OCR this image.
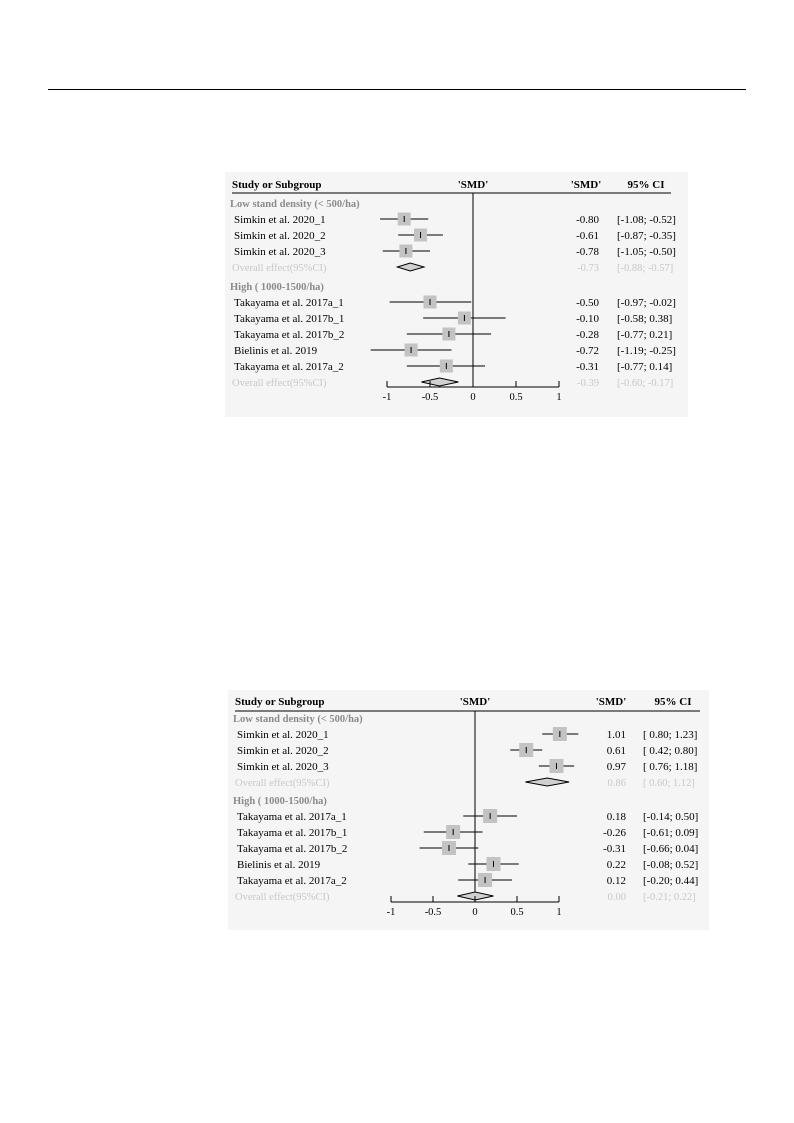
Study or Subgroup	'SMD'	'SMD' 95% CI
Low stand density (< 500/ha)
Simkin et al. 2020_1	-0.80 [-1.08; -0.52]
Simkin et al. 2020_2	-0.61 [-0.87; -0.35]
Simkin et al. 2020_3	-0.78 [-1.05; -0.50]
Overall effect(95%CI)	-0.73 [-0.88; -0.57]
High ( 1000-1500/ha)
Takayama et al. 2017a_1	-0.50 [-0.97; -0.02]
Takayama et al. 2017b_1	-0.10 [-0.58; 0.38]
Takayama et al. 2017b_2	-0.28 [-0.77; 0.21]
Bielinis et al. 2019	-0.72 [-1.19; -0.25]
Takayama et al. 2017a_2	-0.31 [-0.77; 0.14]
Overall effect(95%CI)	-0.39 [-0.60; -0.17]
-1	-0.5	0	0.5	1
Study or Subgroup	'SMD'	'SMD'	95% CI
Low stand density (< 500/ha)
Simkin et al. 2020_1	1.01 [ 0.80; 1.23]
Simkin et al. 2020_2	0.61 [ 0.42; 0.80]
Simkin et al. 2020_3	0.97 [ 0.76; 1.18]
Overall effect(95%CI)	0.86 [ 0.60; 1.12]
High ( 1000-1500/ha)
Takayama et al. 2017a_1	0.18 [-0.14; 0.50]
Takayama et al. 2017b_1	-0.26 [-0.61; 0.09]
Takayama et al. 2017b_2	-0.31 [-0.66; 0.04]
Bielinis et al. 2019	0.22 [-0.08; 0.52]
Takayama et al. 2017a_2	0.12 [-0.20; 0.44]
Overall effect(95%CI)	0.00 [-0.21; 0.22]
-1	-0.5	0	0.5	1
